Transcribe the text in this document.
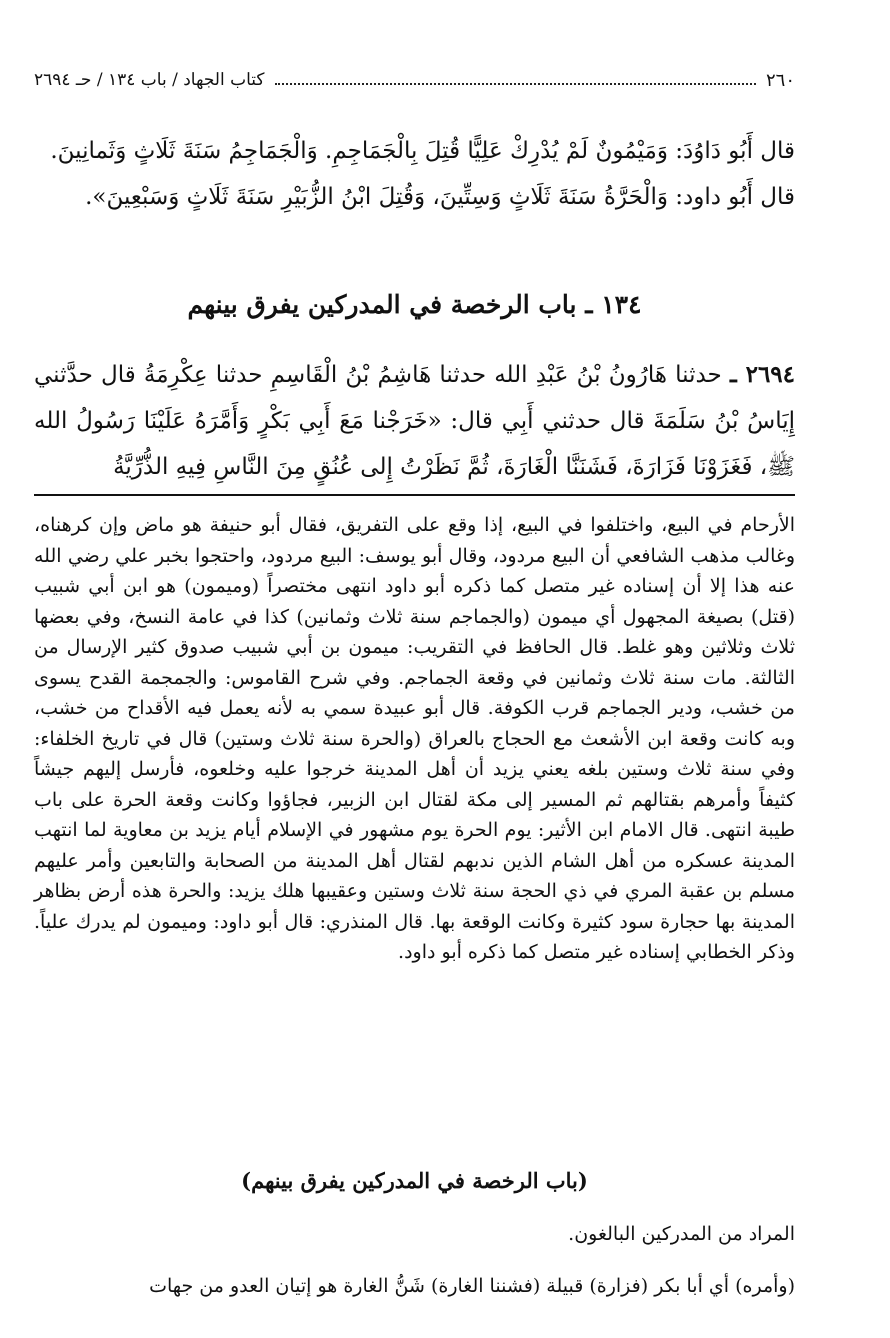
كتاب الجهاد / باب ١٣٤ / حـ ٢٦٩٤	٢٦٠

قال أَبُو دَاوُدَ: وَمَيْمُونٌ لَمْ يُدْرِكْ عَلِيًّا قُتِلَ بِالْجَمَاجِمِ. وَالْجَمَاجِمُ سَنَةَ ثَلَاثٍ وَثَمانِينَ.

قال أَبُو داود: وَالْحَرَّةُ سَنَةَ ثَلَاثٍ وَسِتِّينَ، وَقُتِلَ ابْنُ الزُّبَيْرِ سَنَةَ ثَلَاثٍ وَسَبْعِينَ».

١٣٤ ـ باب الرخصة في المدركين يفرق بينهم

٢٦٩٤ ـ حدثنا هَارُونُ بْنُ عَبْدِ الله حدثنا هَاشِمُ بْنُ الْقَاسِمِ حدثنا عِكْرِمَةُ قال حدَّثني إِيَاسُ بْنُ سَلَمَةَ قال حدثني أَبِي قال: «خَرَجْنا مَعَ أَبِي بَكْرٍ وَأَمَّرَهُ عَلَيْنَا رَسُولُ الله ﷺ، فَغَزَوْنَا فَزَارَةَ، فَشَنَنَّا الْغَارَةَ، ثُمَّ نَظَرْتُ إِلى عُنُقٍ مِنَ النَّاسِ فِيهِ الذُّرِّيَّةُ

الأرحام في البيع، واختلفوا في البيع، إذا وقع على التفريق، فقال أبو حنيفة هو ماض وإن كرهناه، وغالب مذهب الشافعي أن البيع مردود، وقال أبو يوسف: البيع مردود، واحتجوا بخبر علي رضي الله عنه هذا إلا أن إسناده غير متصل كما ذكره أبو داود انتهى مختصراً (وميمون) هو ابن أبي شبيب (قتل) بصيغة المجهول أي ميمون (والجماجم سنة ثلاث وثمانين) كذا في عامة النسخ، وفي بعضها ثلاث وثلاثين وهو غلط. قال الحافظ في التقريب: ميمون بن أبي شبيب صدوق كثير الإرسال من الثالثة. مات سنة ثلاث وثمانين في وقعة الجماجم. وفي شرح القاموس: والجمجمة القدح يسوى من خشب، ودير الجماجم قرب الكوفة. قال أبو عبيدة سمي به لأنه يعمل فيه الأقداح من خشب، وبه كانت وقعة ابن الأشعث مع الحجاج بالعراق (والحرة سنة ثلاث وستين) قال في تاريخ الخلفاء: وفي سنة ثلاث وستين بلغه يعني يزيد أن أهل المدينة خرجوا عليه وخلعوه، فأرسل إليهم جيشاً كثيفاً وأمرهم بقتالهم ثم المسير إلى مكة لقتال ابن الزبير، فجاؤوا وكانت وقعة الحرة على باب طيبة انتهى. قال الامام ابن الأثير: يوم الحرة يوم مشهور في الإسلام أيام يزيد بن معاوية لما انتهب المدينة عسكره من أهل الشام الذين ندبهم لقتال أهل المدينة من الصحابة والتابعين وأمر عليهم مسلم بن عقبة المري في ذي الحجة سنة ثلاث وستين وعقيبها هلك يزيد: والحرة هذه أرض بظاهر المدينة بها حجارة سود كثيرة وكانت الوقعة بها. قال المنذري: قال أبو داود: وميمون لم يدرك علياً. وذكر الخطابي إسناده غير متصل كما ذكره أبو داود.

(باب الرخصة في المدركين يفرق بينهم)

المراد من المدركين البالغون.

(وأمره) أي أبا بكر (فزارة) قبيلة (فشننا الغارة) شَنُّ الغارة هو إتيان العدو من جهات
